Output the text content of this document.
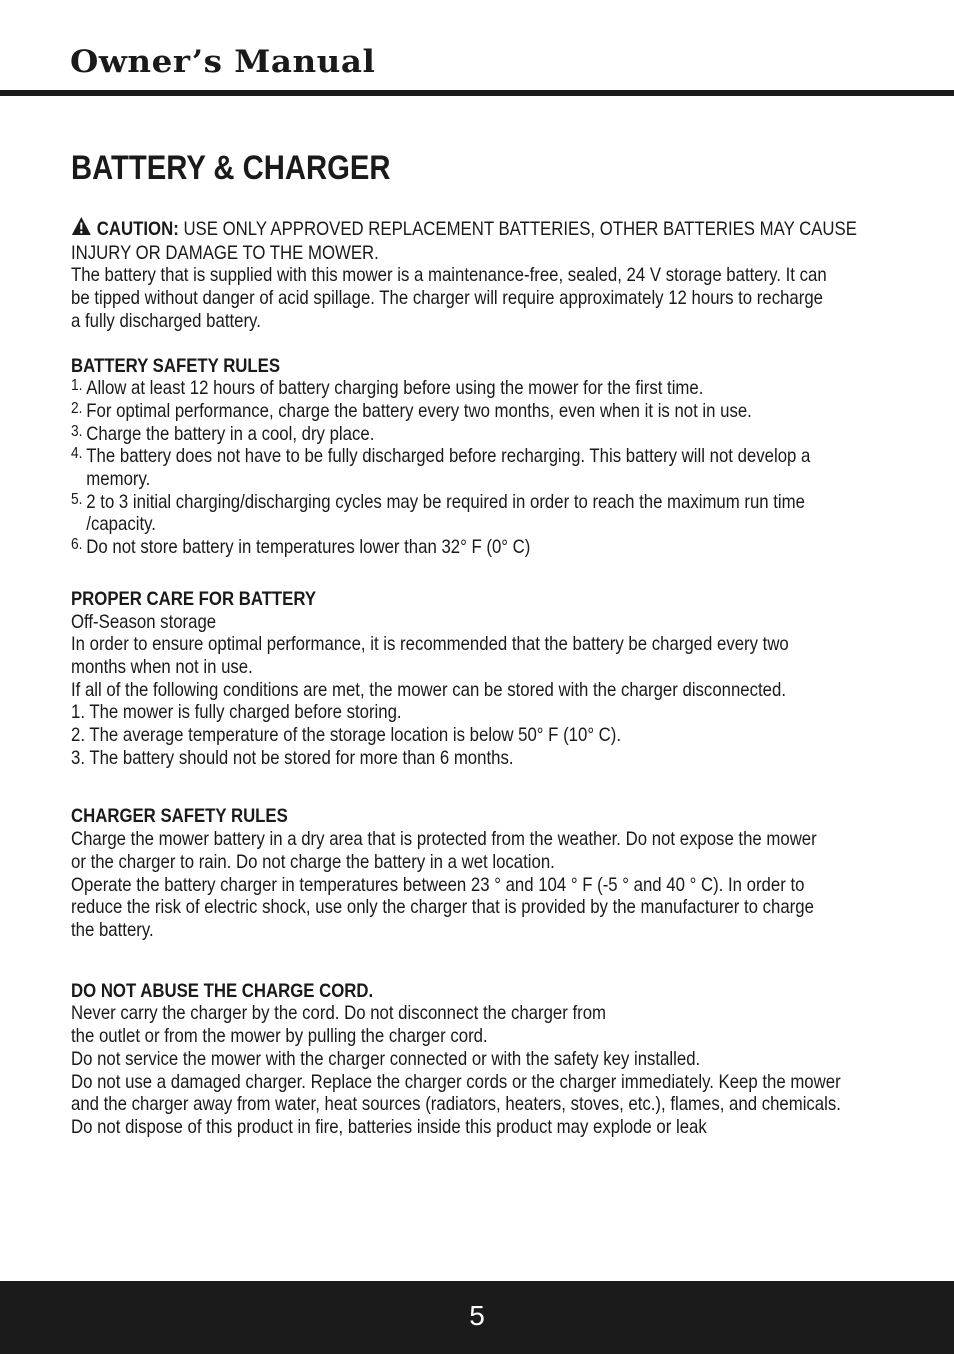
Owner’s Manual
BATTERY & CHARGER

CAUTION: USE ONLY APPROVED REPLACEMENT BATTERIES, OTHER BATTERIES MAY CAUSE

INJURY OR DAMAGE TO THE MOWER.

The battery that is supplied with this mower is a maintenance-free, sealed, 24 V storage battery. It can

be tipped without danger of acid spillage. The charger will require approximately 12 hours to recharge

a fully discharged battery.

BATTERY SAFETY RULES

1. Allow at least 12 hours of battery charging before using the mower for the first time.
2. For optimal performance, charge the battery every two months, even when it is not in use.
3. Charge the battery in a cool, dry place.
4. The battery does not have to be fully discharged before recharging. This battery will not develop a
memory.
5. 2 to 3 initial charging/discharging cycles may be required in order to reach the maximum run time
/capacity.
6. Do not store battery in temperatures lower than 32° F (0° C)

PROPER CARE FOR BATTERY

Off-Season storage

In order to ensure optimal performance, it is recommended that the battery be charged every two

months when not in use.

If all of the following conditions are met, the mower can be stored with the charger disconnected.

1. The mower is fully charged before storing.

2. The average temperature of the storage location is below 50° F (10° C).

3. The battery should not be stored for more than 6 months.

CHARGER SAFETY RULES

Charge the mower battery in a dry area that is protected from the weather. Do not expose the mower

or the charger to rain. Do not charge the battery in a wet location.

Operate the battery charger in temperatures between 23 ° and 104 ° F (-5 ° and 40 ° C). In order to

reduce the risk of electric shock, use only the charger that is provided by the manufacturer to charge

the battery.

DO NOT ABUSE THE CHARGE CORD.

Never carry the charger by the cord. Do not disconnect the charger from

the outlet or from the mower by pulling the charger cord.

Do not service the mower with the charger connected or with the safety key installed.

Do not use a damaged charger. Replace the charger cords or the charger immediately. Keep the mower

and the charger away from water, heat sources (radiators, heaters, stoves, etc.), flames, and chemicals.

Do not dispose of this product in fire, batteries inside this product may explode or leak

5
